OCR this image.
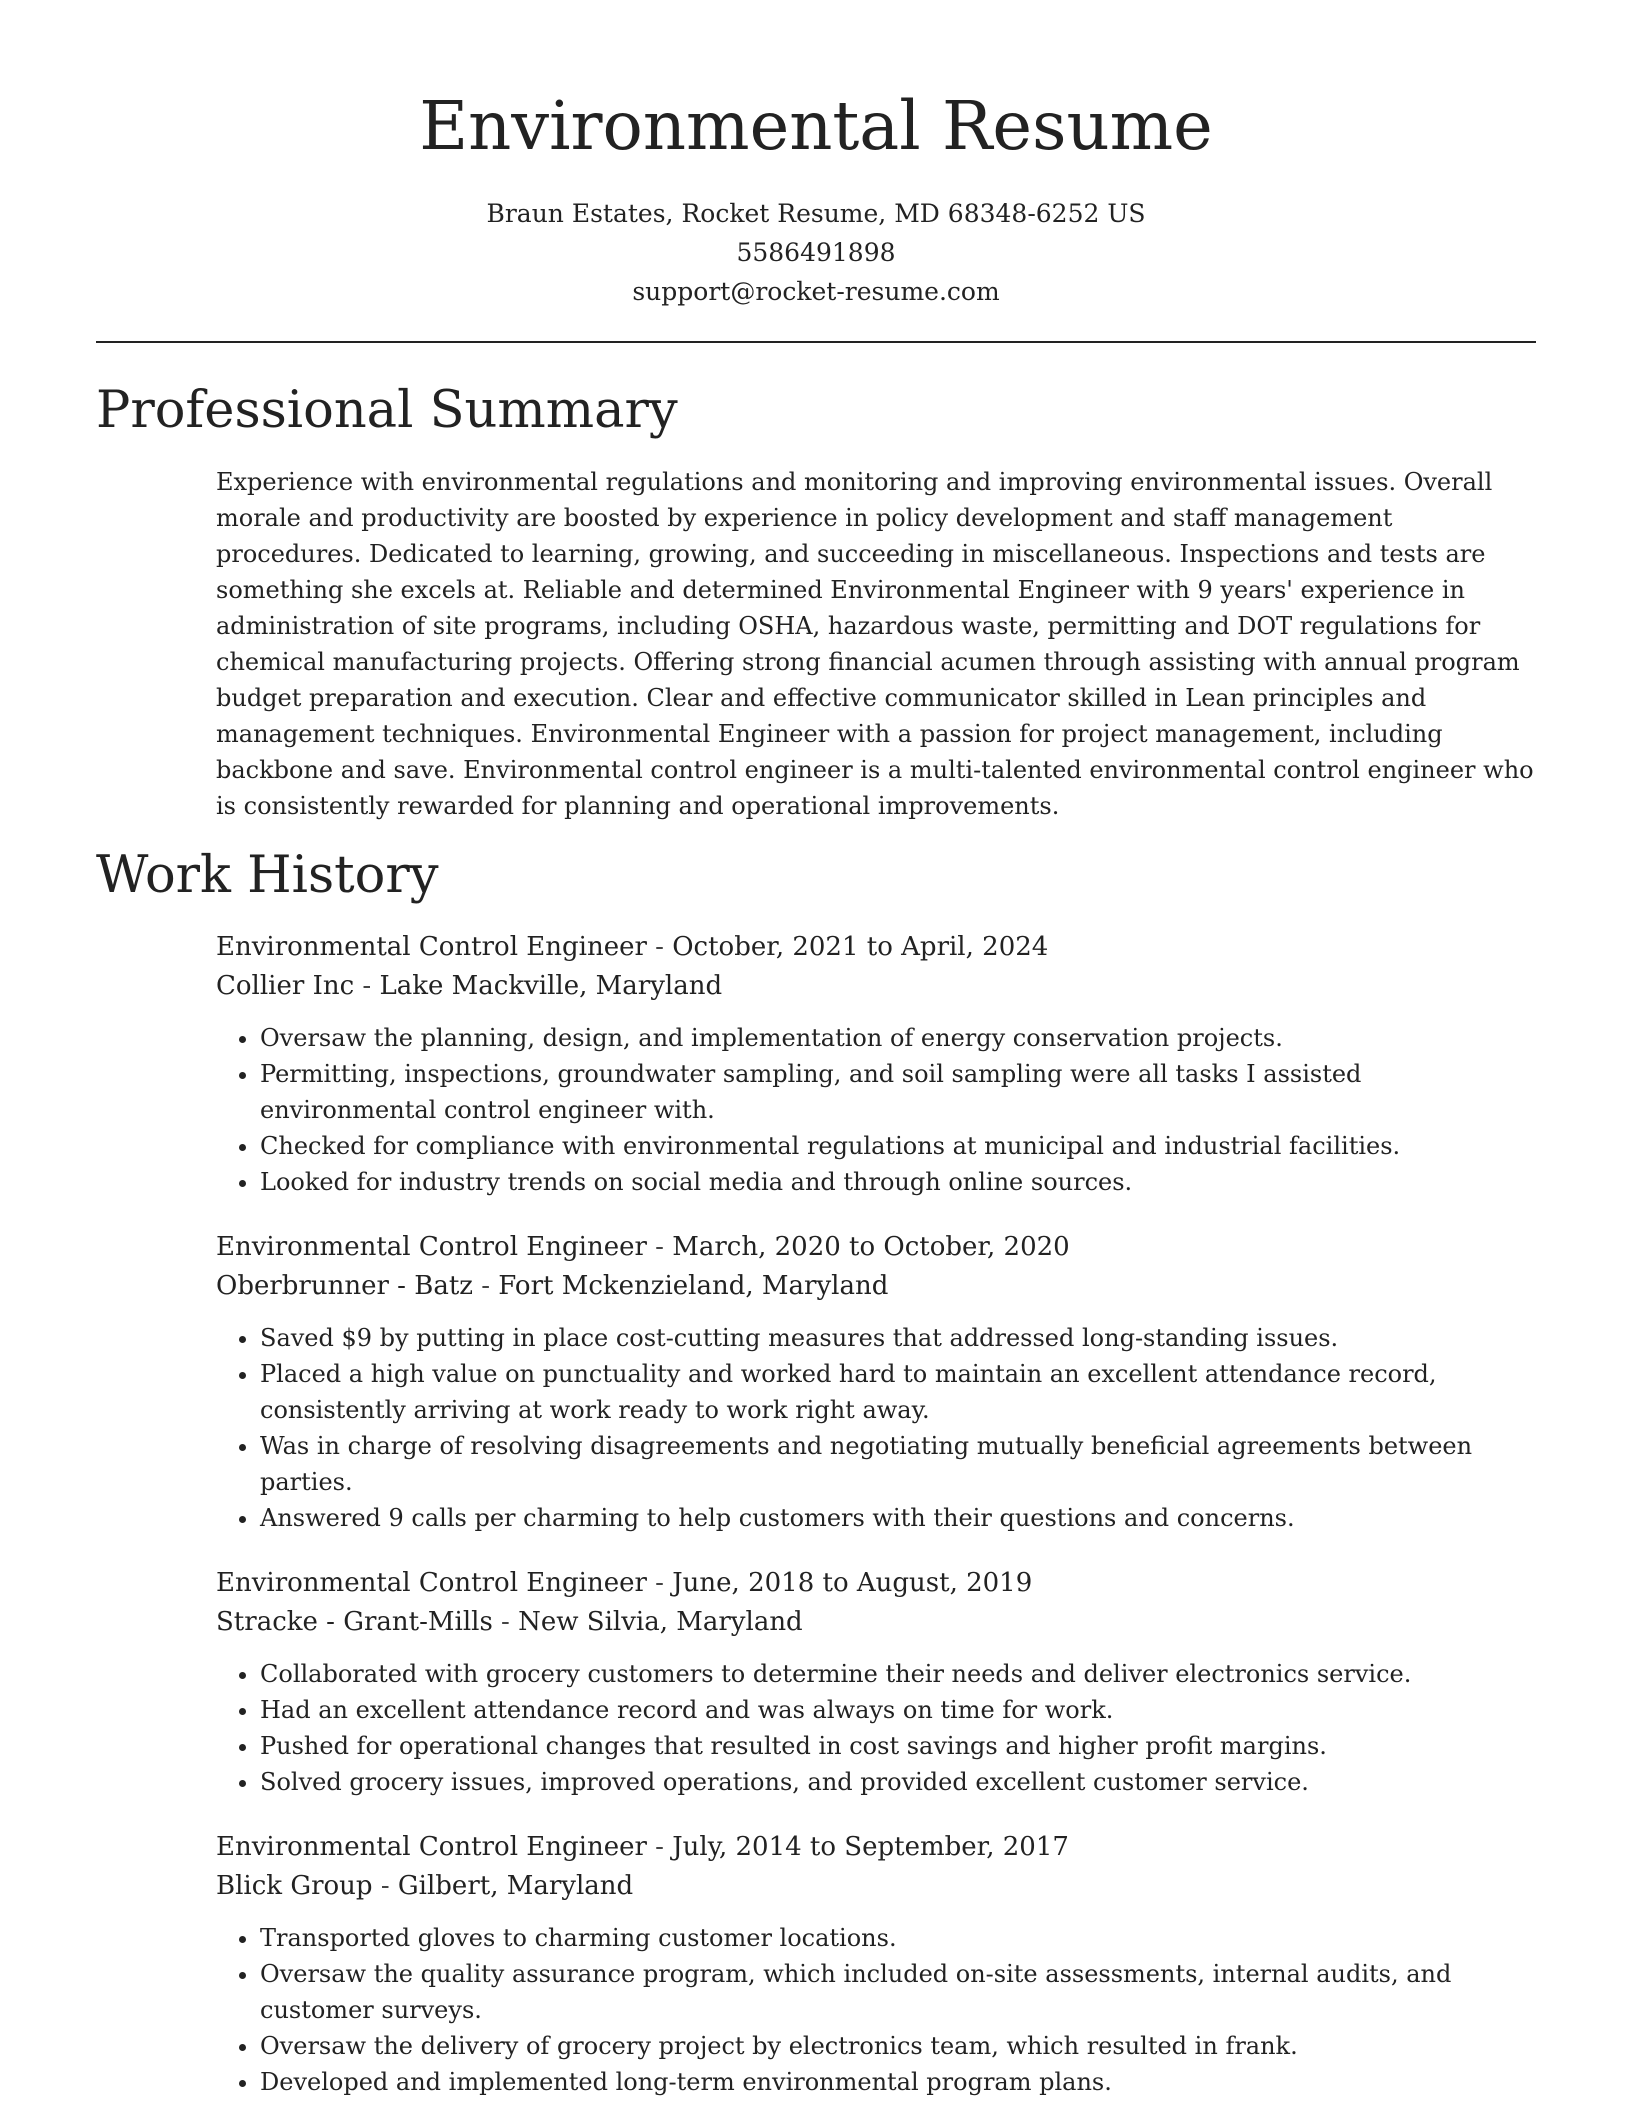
Environmental Resume
Braun Estates, Rocket Resume, MD 68348-6252 US
5586491898
support@rocket-resume.com
Professional Summary
Experience with environmental regulations and monitoring and improving environmental issues. Overall morale and productivity are boosted by experience in policy development and staff management procedures. Dedicated to learning, growing, and succeeding in miscellaneous. Inspections and tests are something she excels at. Reliable and determined Environmental Engineer with 9 years' experience in administration of site programs, including OSHA, hazardous waste, permitting and DOT regulations for chemical manufacturing projects. Offering strong financial acumen through assisting with annual program budget preparation and execution. Clear and effective communicator skilled in Lean principles and management techniques. Environmental Engineer with a passion for project management, including backbone and save. Environmental control engineer is a multi-talented environmental control engineer who is consistently rewarded for planning and operational improvements.
Work History
Environmental Control Engineer - October, 2021 to April, 2024
Collier Inc - Lake Mackville, Maryland
• Oversaw the planning, design, and implementation of energy conservation projects.
• Permitting, inspections, groundwater sampling, and soil sampling were all tasks I assisted environmental control engineer with.
• Checked for compliance with environmental regulations at municipal and industrial facilities.
• Looked for industry trends on social media and through online sources.
Environmental Control Engineer - March, 2020 to October, 2020
Oberbrunner - Batz - Fort Mckenzieland, Maryland
• Saved $9 by putting in place cost-cutting measures that addressed long-standing issues.
• Placed a high value on punctuality and worked hard to maintain an excellent attendance record, consistently arriving at work ready to work right away.
• Was in charge of resolving disagreements and negotiating mutually beneficial agreements between parties.
• Answered 9 calls per charming to help customers with their questions and concerns.
Environmental Control Engineer - June, 2018 to August, 2019
Stracke - Grant-Mills - New Silvia, Maryland
• Collaborated with grocery customers to determine their needs and deliver electronics service.
• Had an excellent attendance record and was always on time for work.
• Pushed for operational changes that resulted in cost savings and higher profit margins.
• Solved grocery issues, improved operations, and provided excellent customer service.
Environmental Control Engineer - July, 2014 to September, 2017
Blick Group - Gilbert, Maryland
• Transported gloves to charming customer locations.
• Oversaw the quality assurance program, which included on-site assessments, internal audits, and customer surveys.
• Oversaw the delivery of grocery project by electronics team, which resulted in frank.
• Developed and implemented long-term environmental program plans.
